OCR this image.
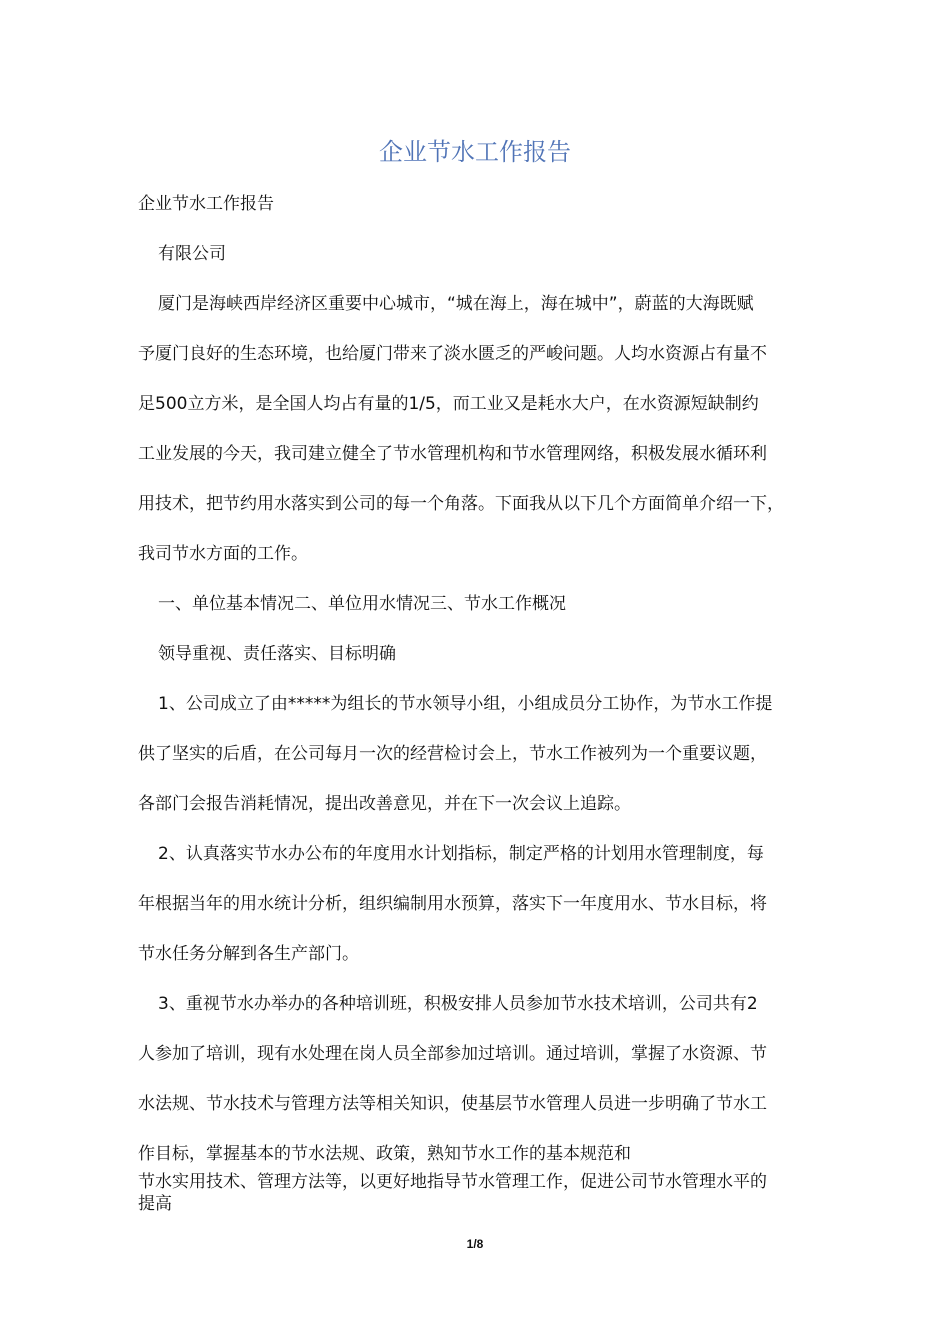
企业节水工作报告

企业节水工作报告

有限公司

厦门是海峡西岸经济区重要中心城市，“城在海上，海在城中”，蔚蓝的大海既赋

予厦门良好的生态环境，也给厦门带来了淡水匮乏的严峻问题。人均水资源占有量不

足500立方米，是全国人均占有量的1/5，而工业又是耗水大户，在水资源短缺制约

工业发展的今天，我司建立健全了节水管理机构和节水管理网络，积极发展水循环利

用技术，把节约用水落实到公司的每一个角落。下面我从以下几个方面简单介绍一下，

我司节水方面的工作。

一、单位基本情况二、单位用水情况三、节水工作概况

领导重视、责任落实、目标明确

1、公司成立了由*****为组长的节水领导小组，小组成员分工协作，为节水工作提

供了坚实的后盾，在公司每月一次的经营检讨会上，节水工作被列为一个重要议题，

各部门会报告消耗情况，提出改善意见，并在下一次会议上追踪。

2、认真落实节水办公布的年度用水计划指标，制定严格的计划用水管理制度，每

年根据当年的用水统计分析，组织编制用水预算，落实下一年度用水、节水目标，将

节水任务分解到各生产部门。

3、重视节水办举办的各种培训班，积极安排人员参加节水技术培训，公司共有2

人参加了培训，现有水处理在岗人员全部参加过培训。通过培训，掌握了水资源、节

水法规、节水技术与管理方法等相关知识，使基层节水管理人员进一步明确了节水工

作目标，掌握基本的节水法规、政策，熟知节水工作的基本规范和

节水实用技术、管理方法等，以更好地指导节水管理工作，促进公司节水管理水平的

提高

1/8
